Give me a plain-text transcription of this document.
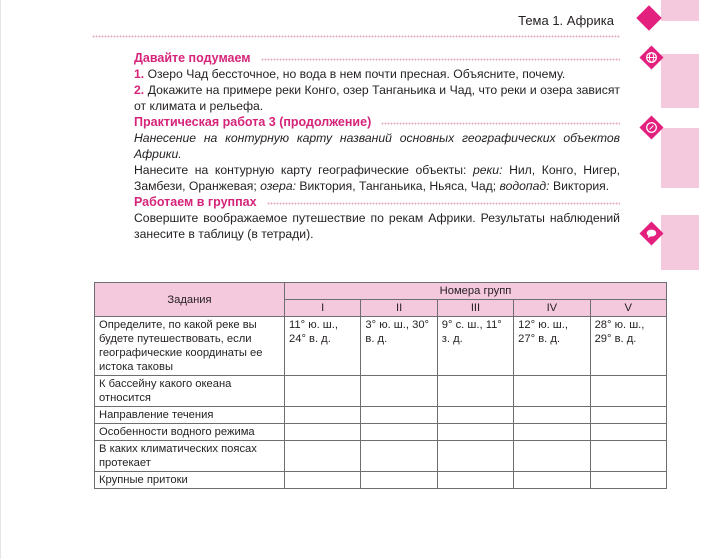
Тема 1. Африка
Давайте подумаем

1. Озеро Чад бессточное, но вода в нем почти пресная. Объясните, почему.

2. Докажите на примере реки Конго, озер Танганьика и Чад, что реки и озера зависят от климата и рельефа.

Практическая работа 3 (продолжение)

Нанесение на контурную карту названий основных географических объектов Африки.

Нанесите на контурную карту географические объекты: реки: Нил, Конго, Нигер, Замбези, Оранжевая; озера: Виктория, Танганьика, Ньяса, Чад; водопад: Виктория.

Работаем в группах

Совершите воображаемое путешествие по рекам Африки. Результаты наблюдений занесите в таблицу (в тетради).

Задания	Номера групп				
	I	II	III	IV	V
Определите, по какой реке вы будете путешествовать, если географические координаты ее истока таковы	11° ю. ш., 24° в. д.	3° ю. ш., 30° в. д.	9° с. ш., 11° з. д.	12° ю. ш., 27° в. д.	28° ю. ш., 29° в. д.
К бассейну какого океана относится					
Направление течения					
Особенности водного режима					
В каких климатических поясах протекает					
Крупные притоки					
